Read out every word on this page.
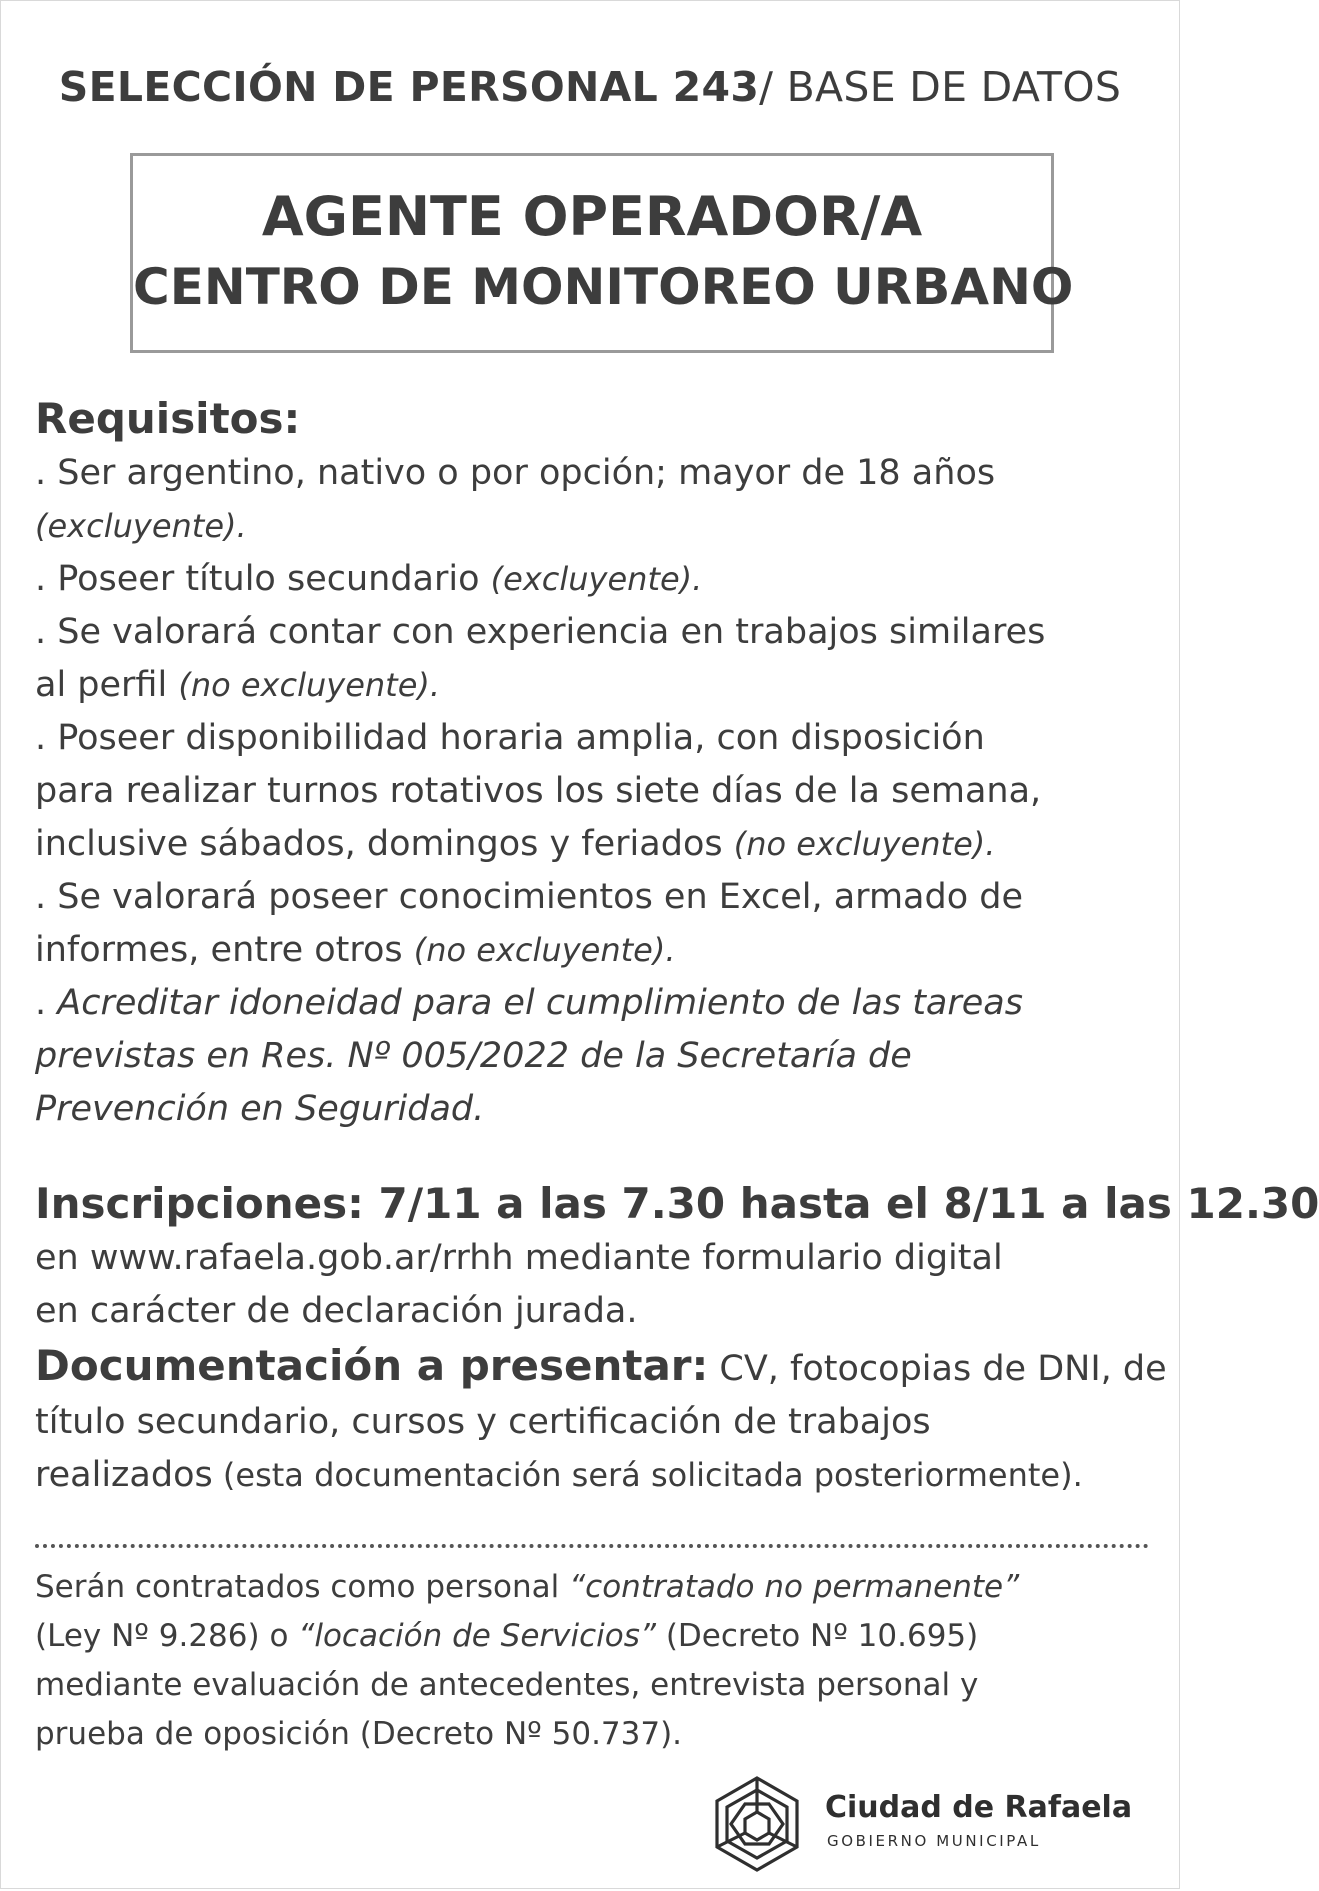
SELECCIÓN DE PERSONAL 243/ BASE DE DATOS
AGENTE OPERADOR/A
CENTRO DE MONITOREO URBANO
Requisitos:
. Ser argentino, nativo o por opción; mayor de 18 años
(excluyente).
. Poseer título secundario (excluyente).
. Se valorará contar con experiencia en trabajos similares
al perfil (no excluyente).
. Poseer disponibilidad horaria amplia, con disposición
para realizar turnos rotativos los siete días de la semana,
inclusive sábados, domingos y feriados (no excluyente).
. Se valorará poseer conocimientos en Excel, armado de
informes, entre otros (no excluyente).
. Acreditar idoneidad para el cumplimiento de las tareas
previstas en Res. Nº 005/2022 de la Secretaría de
Prevención en Seguridad.
Inscripciones: 7/11 a las 7.30 hasta el 8/11 a las 12.30
en www.rafaela.gob.ar/rrhh mediante formulario digital
en carácter de declaración jurada.
Documentación a presentar: CV, fotocopias de DNI, de
título secundario, cursos y certificación de trabajos
realizados (esta documentación será solicitada posteriormente).
Serán contratados como personal “contratado no permanente”
(Ley Nº 9.286) o “locación de Servicios” (Decreto Nº 10.695)
mediante evaluación de antecedentes, entrevista personal y
prueba de oposición (Decreto Nº 50.737).
Ciudad de Rafaela
GOBIERNO MUNICIPAL
